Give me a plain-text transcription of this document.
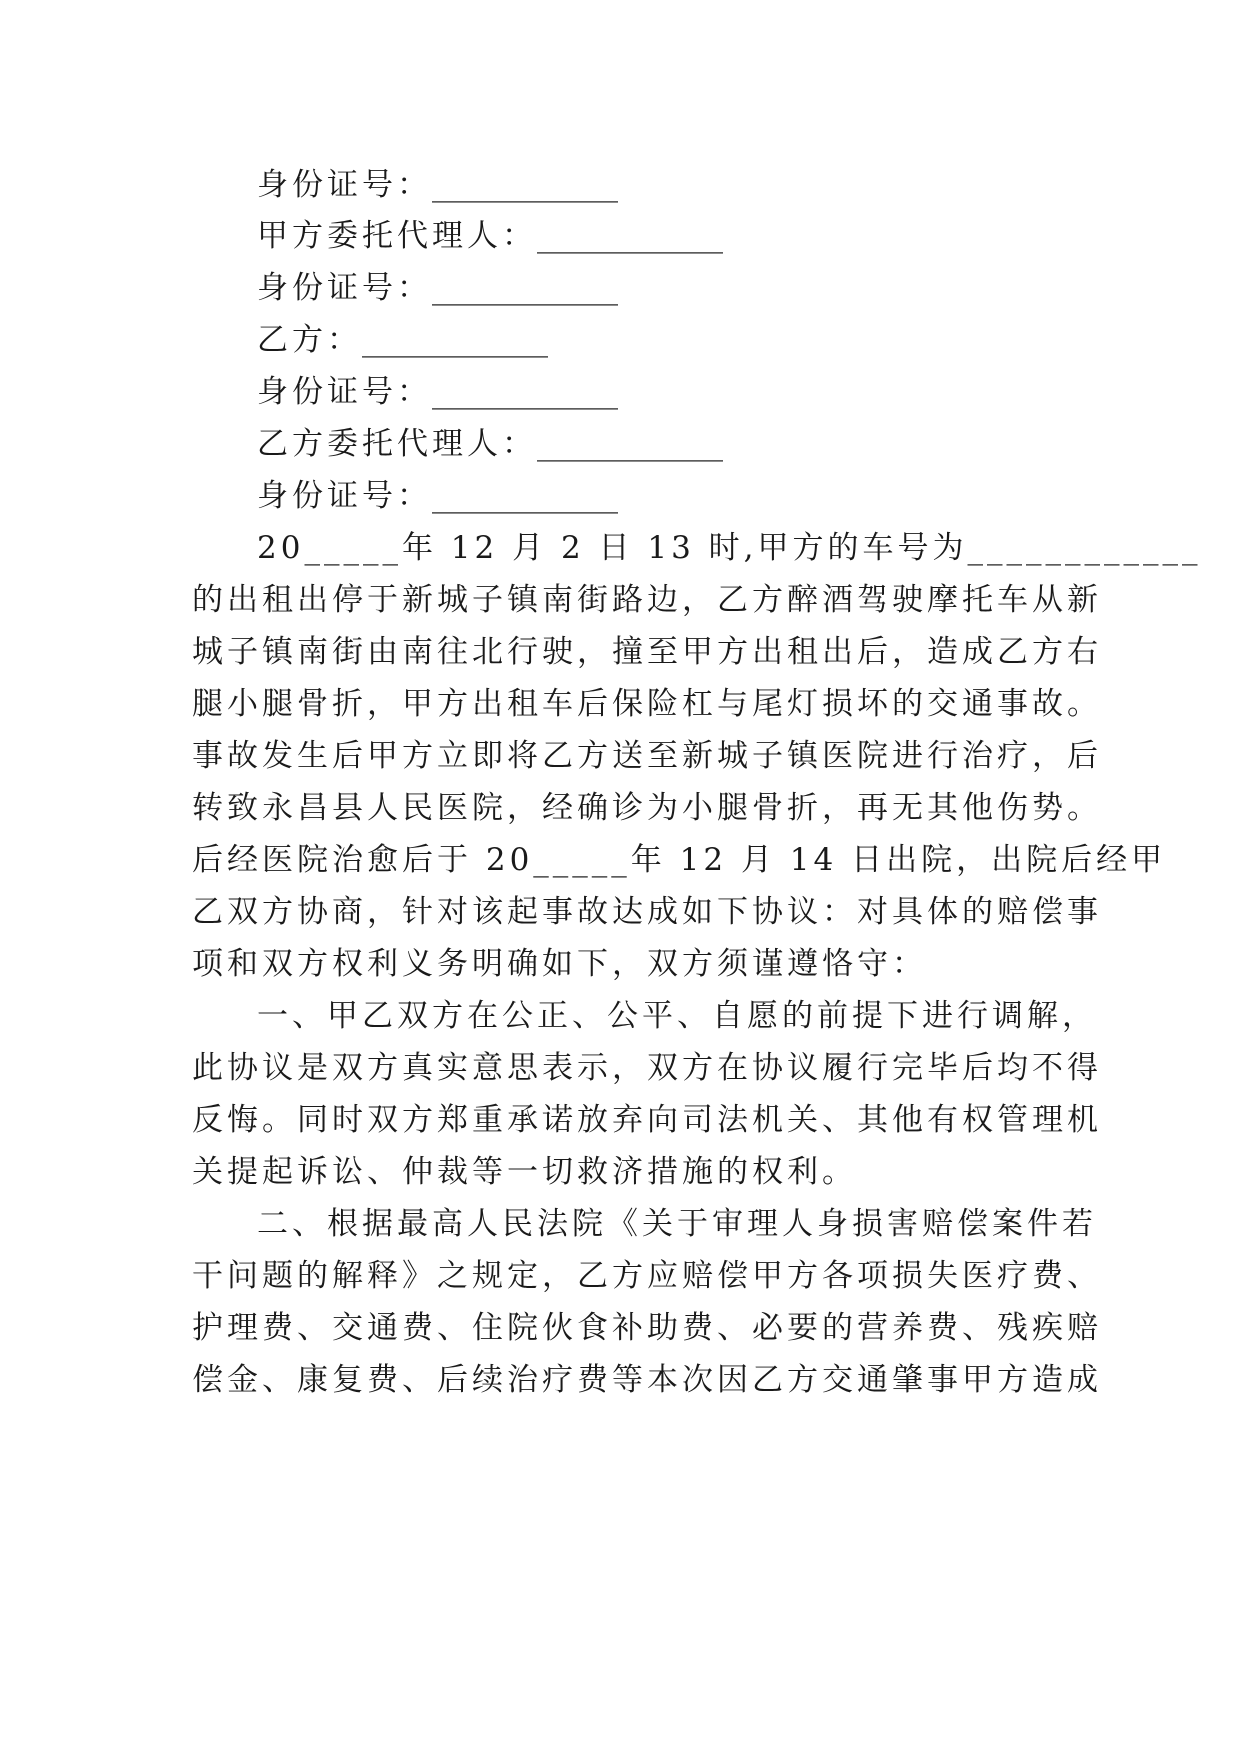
身份证号：____________
甲方委托代理人：____________
身份证号：____________
乙方：____________
身份证号：____________
乙方委托代理人：____________
身份证号：____________
20_____年 12 月 2 日 13 时,甲方的车号为____________
的出租出停于新城子镇南街路边，乙方醉酒驾驶摩托车从新
城子镇南街由南往北行驶，撞至甲方出租出后，造成乙方右
腿小腿骨折，甲方出租车后保险杠与尾灯损坏的交通事故。
事故发生后甲方立即将乙方送至新城子镇医院进行治疗，后
转致永昌县人民医院，经确诊为小腿骨折，再无其他伤势。
后经医院治愈后于 20_____年 12 月 14 日出院，出院后经甲
乙双方协商，针对该起事故达成如下协议：对具体的赔偿事
项和双方权利义务明确如下，双方须谨遵恪守：
一、甲乙双方在公正、公平、自愿的前提下进行调解，
此协议是双方真实意思表示，双方在协议履行完毕后均不得
反悔。同时双方郑重承诺放弃向司法机关、其他有权管理机
关提起诉讼、仲裁等一切救济措施的权利。
二、根据最高人民法院《关于审理人身损害赔偿案件若
干问题的解释》之规定，乙方应赔偿甲方各项损失医疗费、
护理费、交通费、住院伙食补助费、必要的营养费、残疾赔
偿金、康复费、后续治疗费等本次因乙方交通肇事甲方造成
